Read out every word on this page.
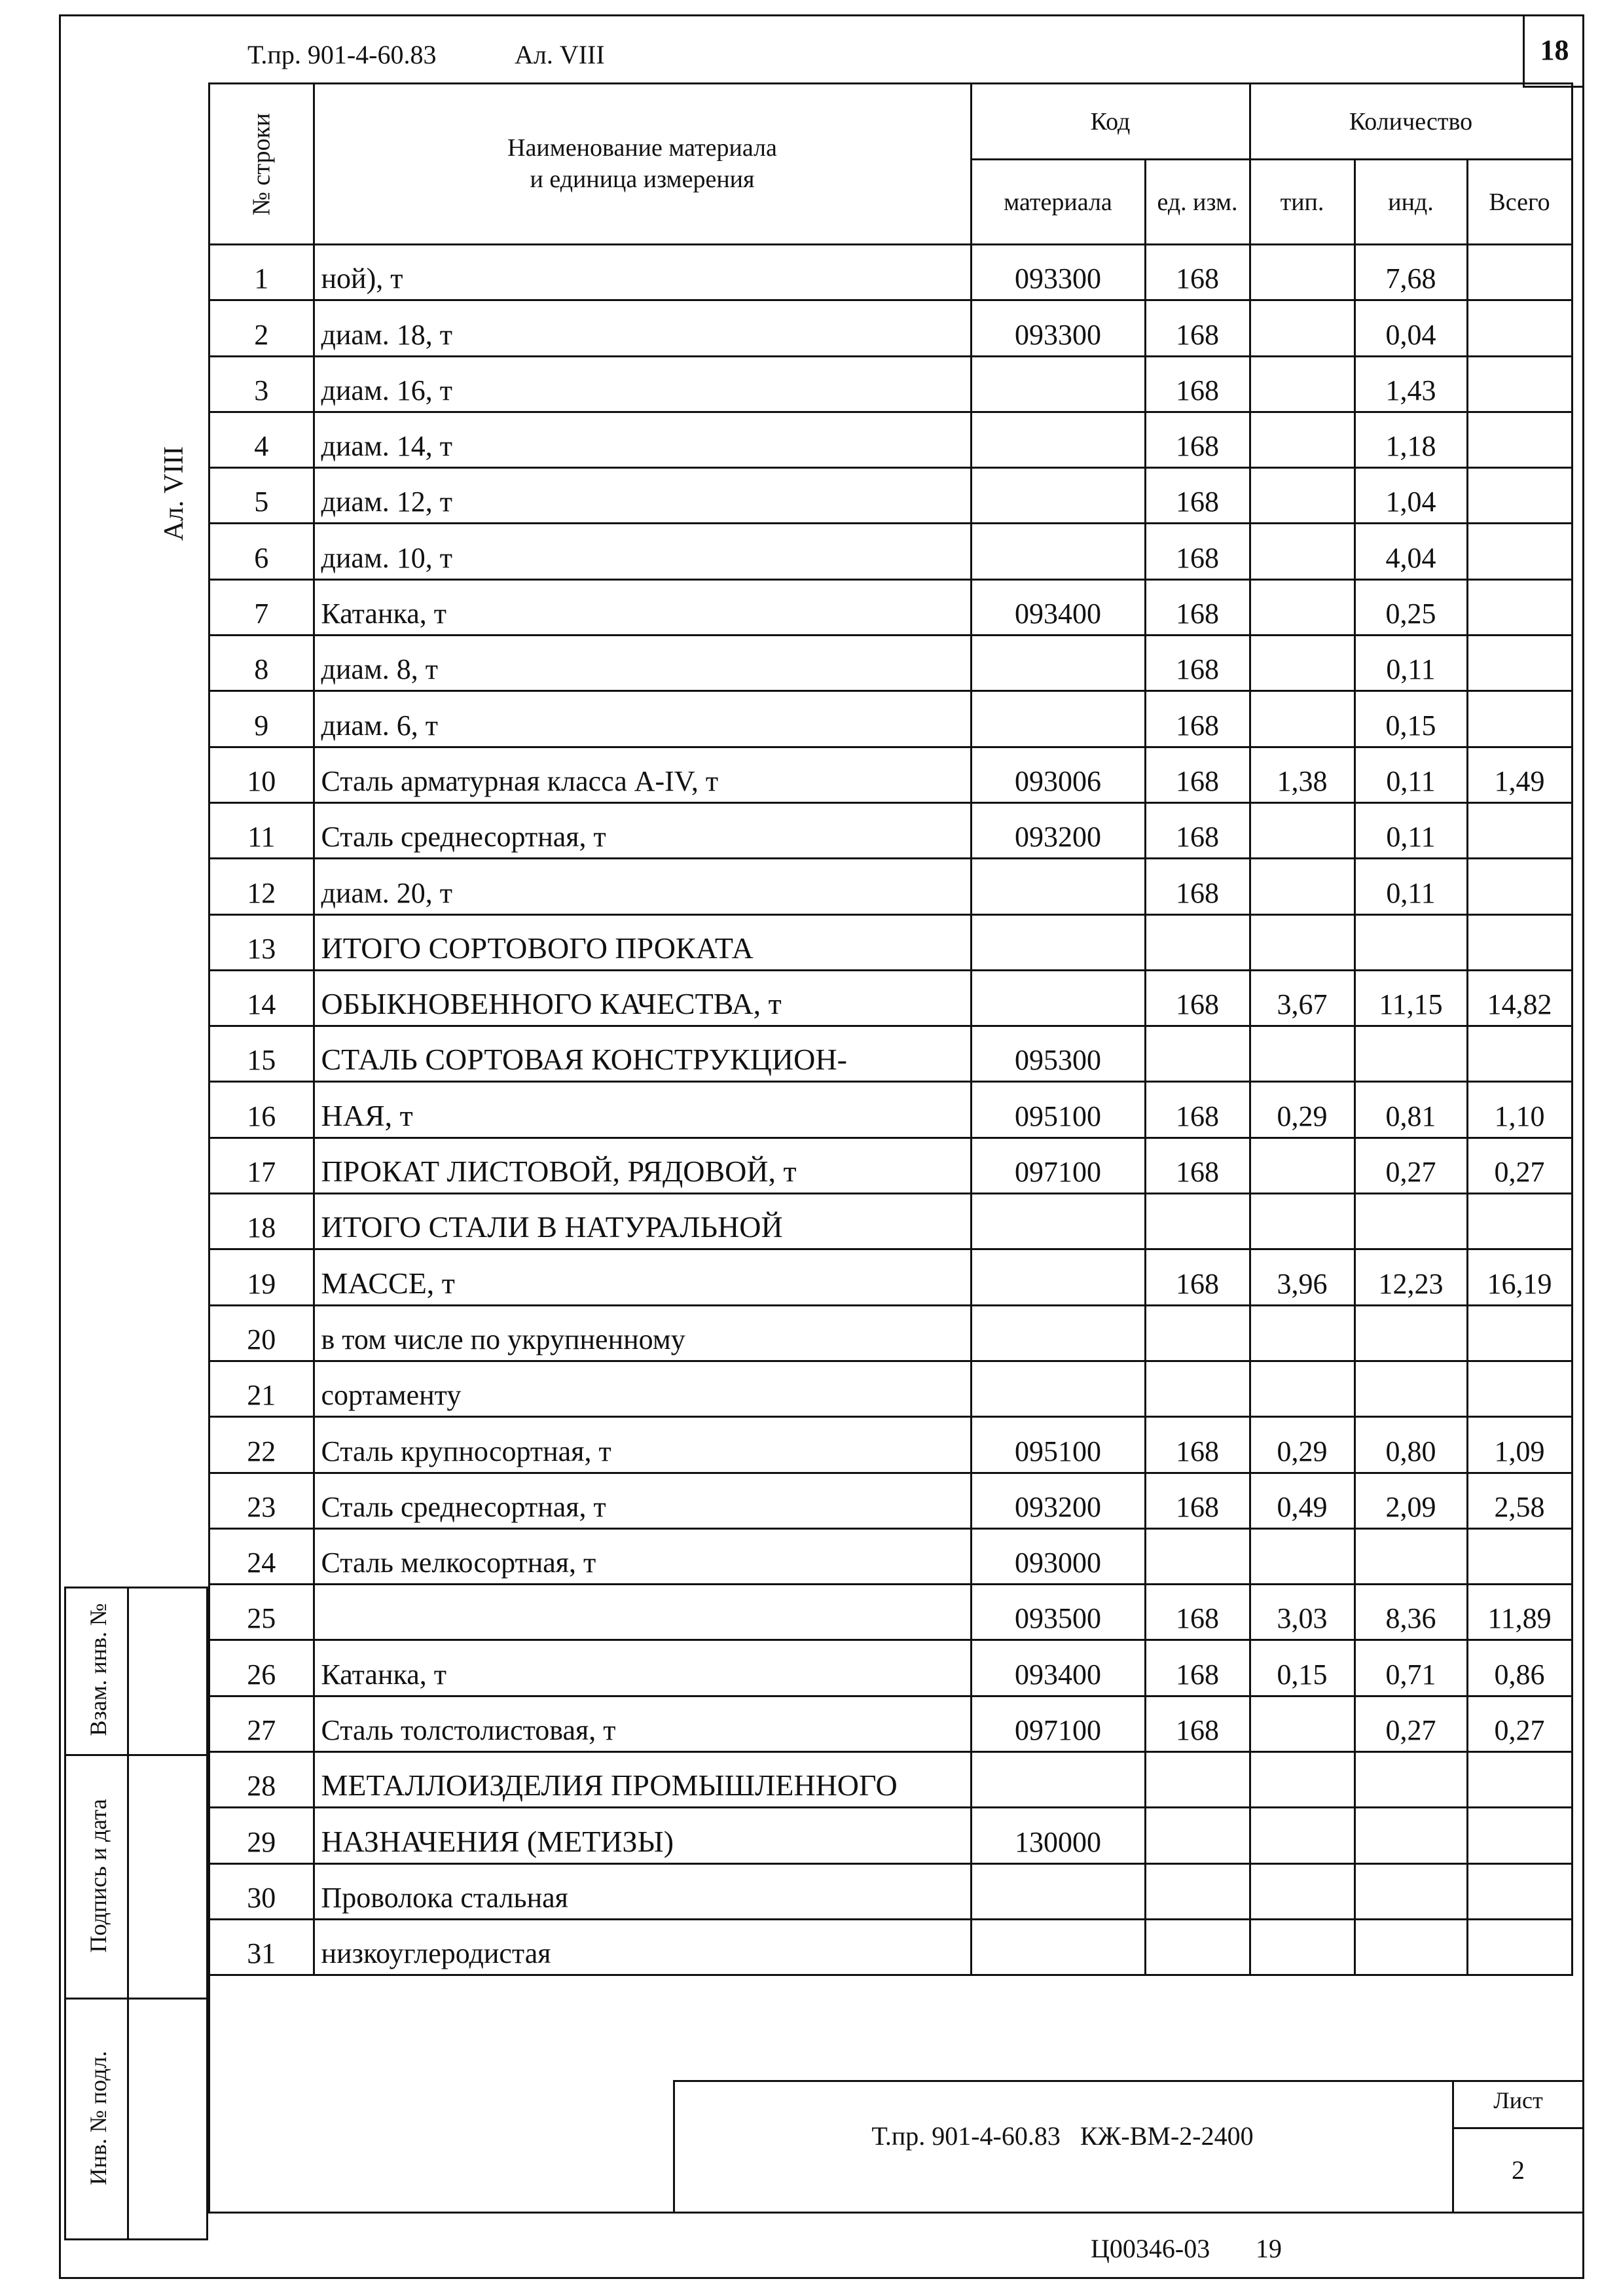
Т.пр. 901-4-60.83	Ал. VIII	18
Ал. VIII
Взам. инв. №
Подпись и дата
Инв. № подл.
№ строки	Наименование материала
и единица измерения	Код		Количество		
		материала	ед. изм.	тип.	инд.	Всего
1	ной), т	093300	168		7,68	
2	диам. 18, т	093300	168		0,04	
3	диам. 16, т		168		1,43	
4	диам. 14, т		168		1,18	
5	диам. 12, т		168		1,04	
6	диам. 10, т		168		4,04	
7	Катанка, т	093400	168		0,25	
8	диам. 8, т		168		0,11	
9	диам. 6, т		168		0,15	
10	Сталь арматурная класса A-IV, т	093006	168	1,38	0,11	1,49
11	Сталь среднесортная, т	093200	168		0,11	
12	диам. 20, т		168		0,11	
13	ИТОГО СОРТОВОГО ПРОКАТА					
14	ОБЫКНОВЕННОГО КАЧЕСТВА, т		168	3,67	11,15	14,82
15	СТАЛЬ СОРТОВАЯ КОНСТРУКЦИОН-	095300				
16	НАЯ, т	095100	168	0,29	0,81	1,10
17	ПРОКАТ ЛИСТОВОЙ, РЯДОВОЙ, т	097100	168		0,27	0,27
18	ИТОГО СТАЛИ В НАТУРАЛЬНОЙ					
19	МАССЕ, т		168	3,96	12,23	16,19
20	в том числе по укрупненному					
21	сортаменту					
22	Сталь крупносортная, т	095100	168	0,29	0,80	1,09
23	Сталь среднесортная, т	093200	168	0,49	2,09	2,58
24	Сталь мелкосортная, т	093000				
25		093500	168	3,03	8,36	11,89
26	Катанка, т	093400	168	0,15	0,71	0,86
27	Сталь толстолистовая, т	097100	168		0,27	0,27
28	МЕТАЛЛОИЗДЕЛИЯ ПРОМЫШЛЕННОГО					
29	НАЗНАЧЕНИЯ (МЕТИЗЫ)	130000				
30	Проволока стальная					
31	низкоуглеродистая					
Т.пр. 901-4-60.83   КЖ-ВМ-2-2400
Лист
2
Ц00346-03 19
